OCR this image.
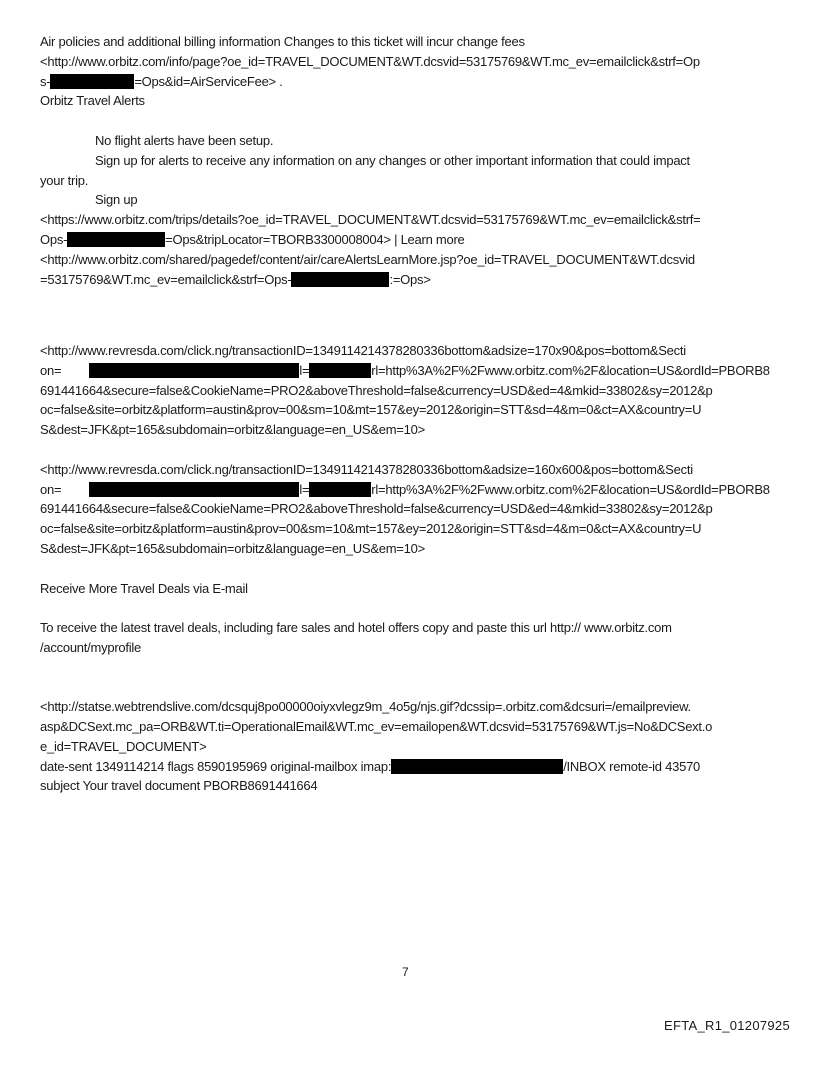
Air policies and additional billing information Changes to this ticket will incur change fees
<http://www.orbitz.com/info/page?oe_id=TRAVEL_DOCUMENT&WT.dcsvid=53175769&WT.mc_ev=emailclick&strf=Op
s-	=Ops&id=AirServiceFee> .
Orbitz Travel Alerts
No flight alerts have been setup.
Sign up for alerts to receive any information on any changes or other important information that could impact
your trip.
Sign up
<https://www.orbitz.com/trips/details?oe_id=TRAVEL_DOCUMENT&WT.dcsvid=53175769&WT.mc_ev=emailclick&strf=
Ops-	=Ops&tripLocator=TBORB3300008004> | Learn more
<http://www.orbitz.com/shared/pagedef/content/air/careAlertsLearnMore.jsp?oe_id=TRAVEL_DOCUMENT&WT.dcsvid
=53175769&WT.mc_ev=emailclick&strf=Ops-	:=Ops>
<http://www.revresda.com/click.ng/transactionID=1349114214378280336bottom&adsize=170x90&pos=bottom&Secti
on=	l=	rl=http%3A%2F%2Fwww.orbitz.com%2F&location=US&ordId=PBORB8
691441664&secure=false&CookieName=PRO2&aboveThreshold=false&currency=USD&ed=4&mkid=33802&sy=2012&p
oc=false&site=orbitz&platform=austin&prov=00&sm=10&mt=157&ey=2012&origin=STT&sd=4&m=0&ct=AX&country=U
S&dest=JFK&pt=165&subdomain=orbitz&language=en_US&em=10>
<http://www.revresda.com/click.ng/transactionID=1349114214378280336bottom&adsize=160x600&pos=bottom&Secti
on=	l=	rl=http%3A%2F%2Fwww.orbitz.com%2F&location=US&ordId=PBORB8
691441664&secure=false&CookieName=PRO2&aboveThreshold=false&currency=USD&ed=4&mkid=33802&sy=2012&p
oc=false&site=orbitz&platform=austin&prov=00&sm=10&mt=157&ey=2012&origin=STT&sd=4&m=0&ct=AX&country=U
S&dest=JFK&pt=165&subdomain=orbitz&language=en_US&em=10>
Receive More Travel Deals via E-mail
To receive the latest travel deals, including fare sales and hotel offers copy and paste this url http:// www.orbitz.com
/account/myprofile
<http://statse.webtrendslive.com/dcsquj8po00000oiyxvlegz9m_4o5g/njs.gif?dcssip=.orbitz.com&dcsuri=/emailpreview.
asp&DCSext.mc_pa=ORB&WT.ti=OperationalEmail&WT.mc_ev=emailopen&WT.dcsvid=53175769&WT.js=No&DCSext.o
e_id=TRAVEL_DOCUMENT>
date-sent 1349114214 flags 8590195969 original-mailbox imap:	/INBOX remote-id 43570
subject Your travel document PBORB8691441664
7
EFTA_R1_01207925
